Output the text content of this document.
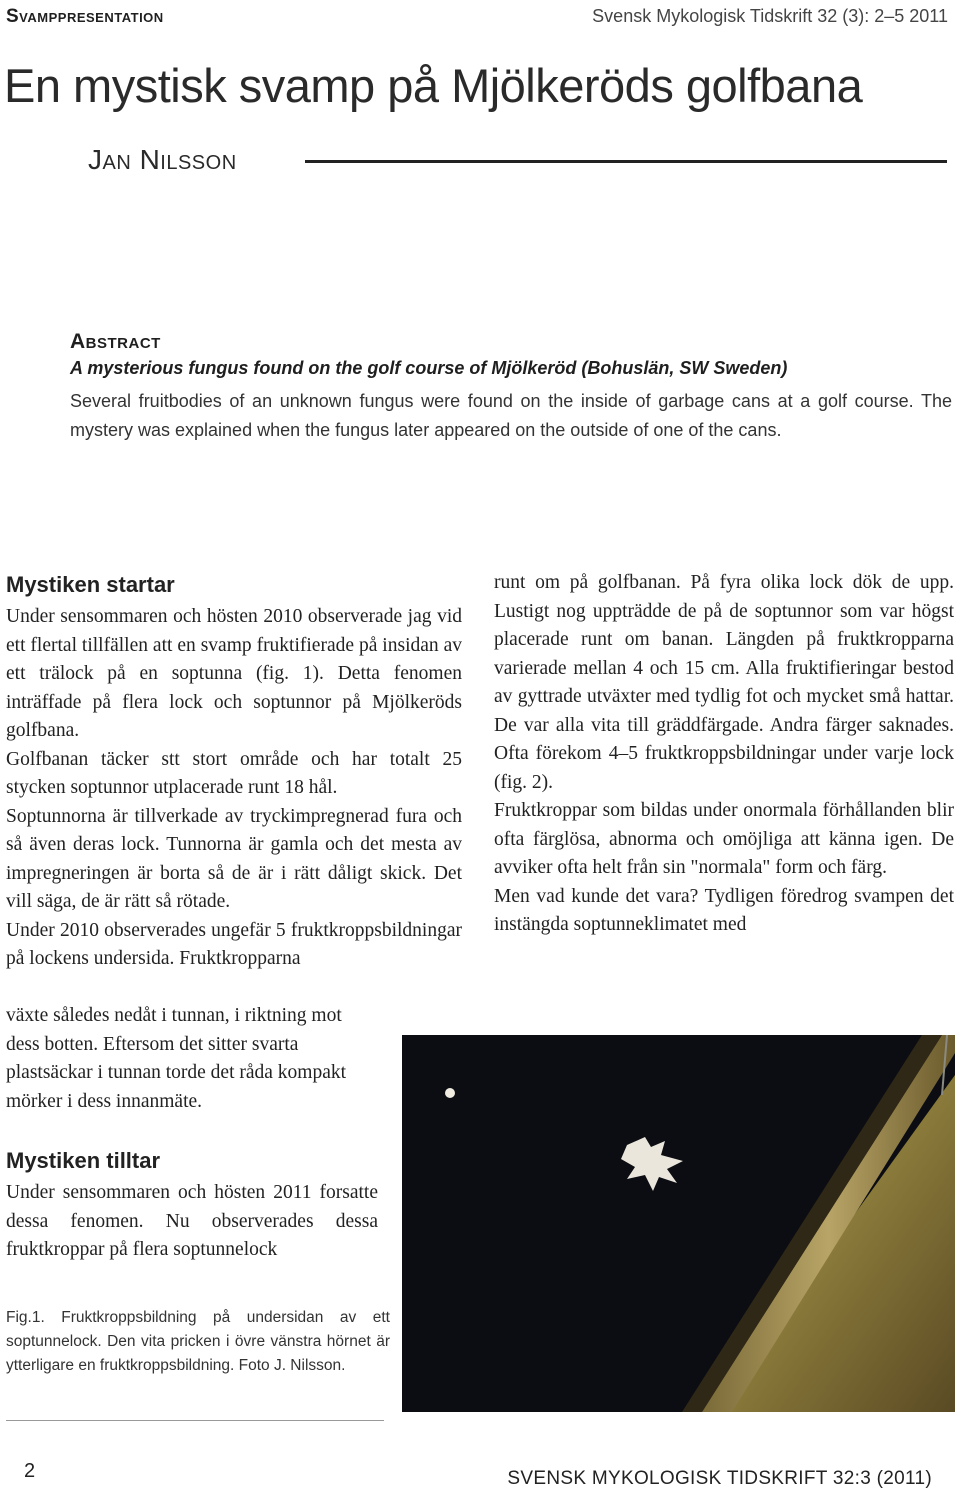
Svamppresentation	Svensk Mykologisk Tidskrift 32 (3): 2–5 2011
En mystisk svamp på Mjölkeröds golfbana
Jan Nilsson
Abstract
A mysterious fungus found on the golf course of Mjölkeröd (Bohuslän, SW Sweden)
Several fruitbodies of an unknown fungus were found on the inside of garbage cans at a golf course. The mystery was explained when the fungus later appeared on the outside of one of the cans.
Mystiken startar

Under sensommaren och hösten 2010 observerade jag vid ett flertal tillfällen att en svamp fruktifierade på insidan av ett trälock på en soptunna (fig. 1). Detta fenomen inträffade på flera lock och soptunnor på Mjölkeröds golfbana.

Golfbanan täcker stt stort område och har totalt 25 stycken soptunnor utplacerade runt 18 hål.

Soptunnorna är tillverkade av tryckimpregnerad fura och så även deras lock. Tunnorna är gamla och det mesta av impregneringen är borta så de är i rätt dåligt skick. Det vill säga, de är rätt så rötade.

Under 2010 observerades ungefär 5 fruktkroppsbildningar på lockens undersida. Fruktkropparna

växte således nedåt i tunnan, i riktning mot dess botten. Eftersom det sitter svarta plastsäckar i tunnan torde det råda kompakt mörker i dess innanmäte.

Mystiken tilltar

Under sensommaren och hösten 2011 forsatte dessa fenomen. Nu observerades dessa fruktkroppar på flera soptunnelock

runt om på golfbanan. På fyra olika lock dök de upp. Lustigt nog uppträdde de på de soptunnor som var högst placerade runt om banan. Längden på fruktkropparna varierade mellan 4 och 15 cm. Alla fruktifieringar bestod av gyttrade utväxter med tydlig fot och mycket små hattar. De var alla vita till gräddfärgade. Andra färger saknades. Ofta förekom 4–5 fruktkroppsbildningar under varje lock (fig. 2).

Fruktkroppar som bildas under onormala förhållanden blir ofta färglösa, abnorma och omöjliga att känna igen. De avviker ofta helt från sin "normala" form och färg.

Men vad kunde det vara? Tydligen föredrog svampen det instängda soptunneklimatet med

Fig.1. Fruktkroppsbildning på undersidan av ett soptunnelock. Den vita pricken i övre vänstra hörnet är ytterligare en fruktkroppsbildning. Foto J. Nilsson.
2	SVENSK MYKOLOGISK TIDSKRIFT 32:3 (2011)
